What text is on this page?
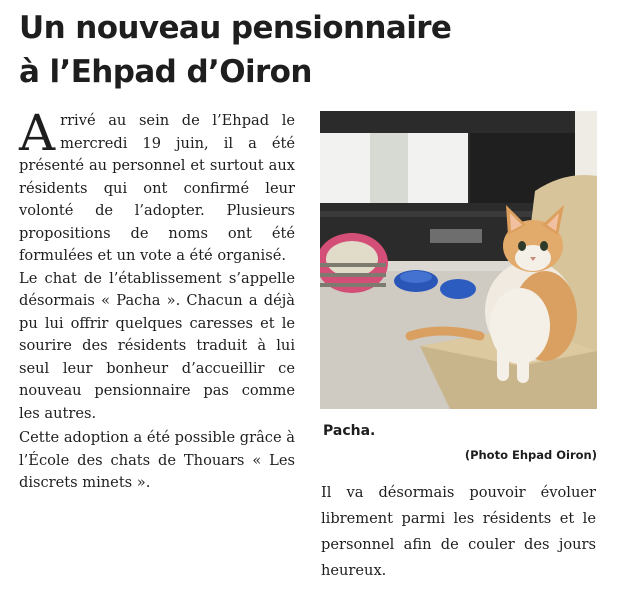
Un nouveau pensionnaire
à l’Ehpad d’Oiron

Arrivé au sein de l’Ehpad le mercredi 19 juin, il a été présenté au personnel et surtout aux résidents qui ont confirmé leur volonté de l’adopter. Plusieurs propositions de noms ont été formulées et un vote a été organisé.

Le chat de l’établissement s’appelle désormais « Pacha ». Chacun a déjà pu lui offrir quelques caresses et le sourire des résidents traduit à lui seul leur bonheur d’accueillir ce nouveau pensionnaire pas comme les autres.

Cette adoption a été possible grâce à l’École des chats de Thouars « Les discrets minets ».

Pacha.

(Photo Ehpad Oiron)

Il va désormais pouvoir évoluer librement parmi les résidents et le personnel afin de couler des jours heureux.
